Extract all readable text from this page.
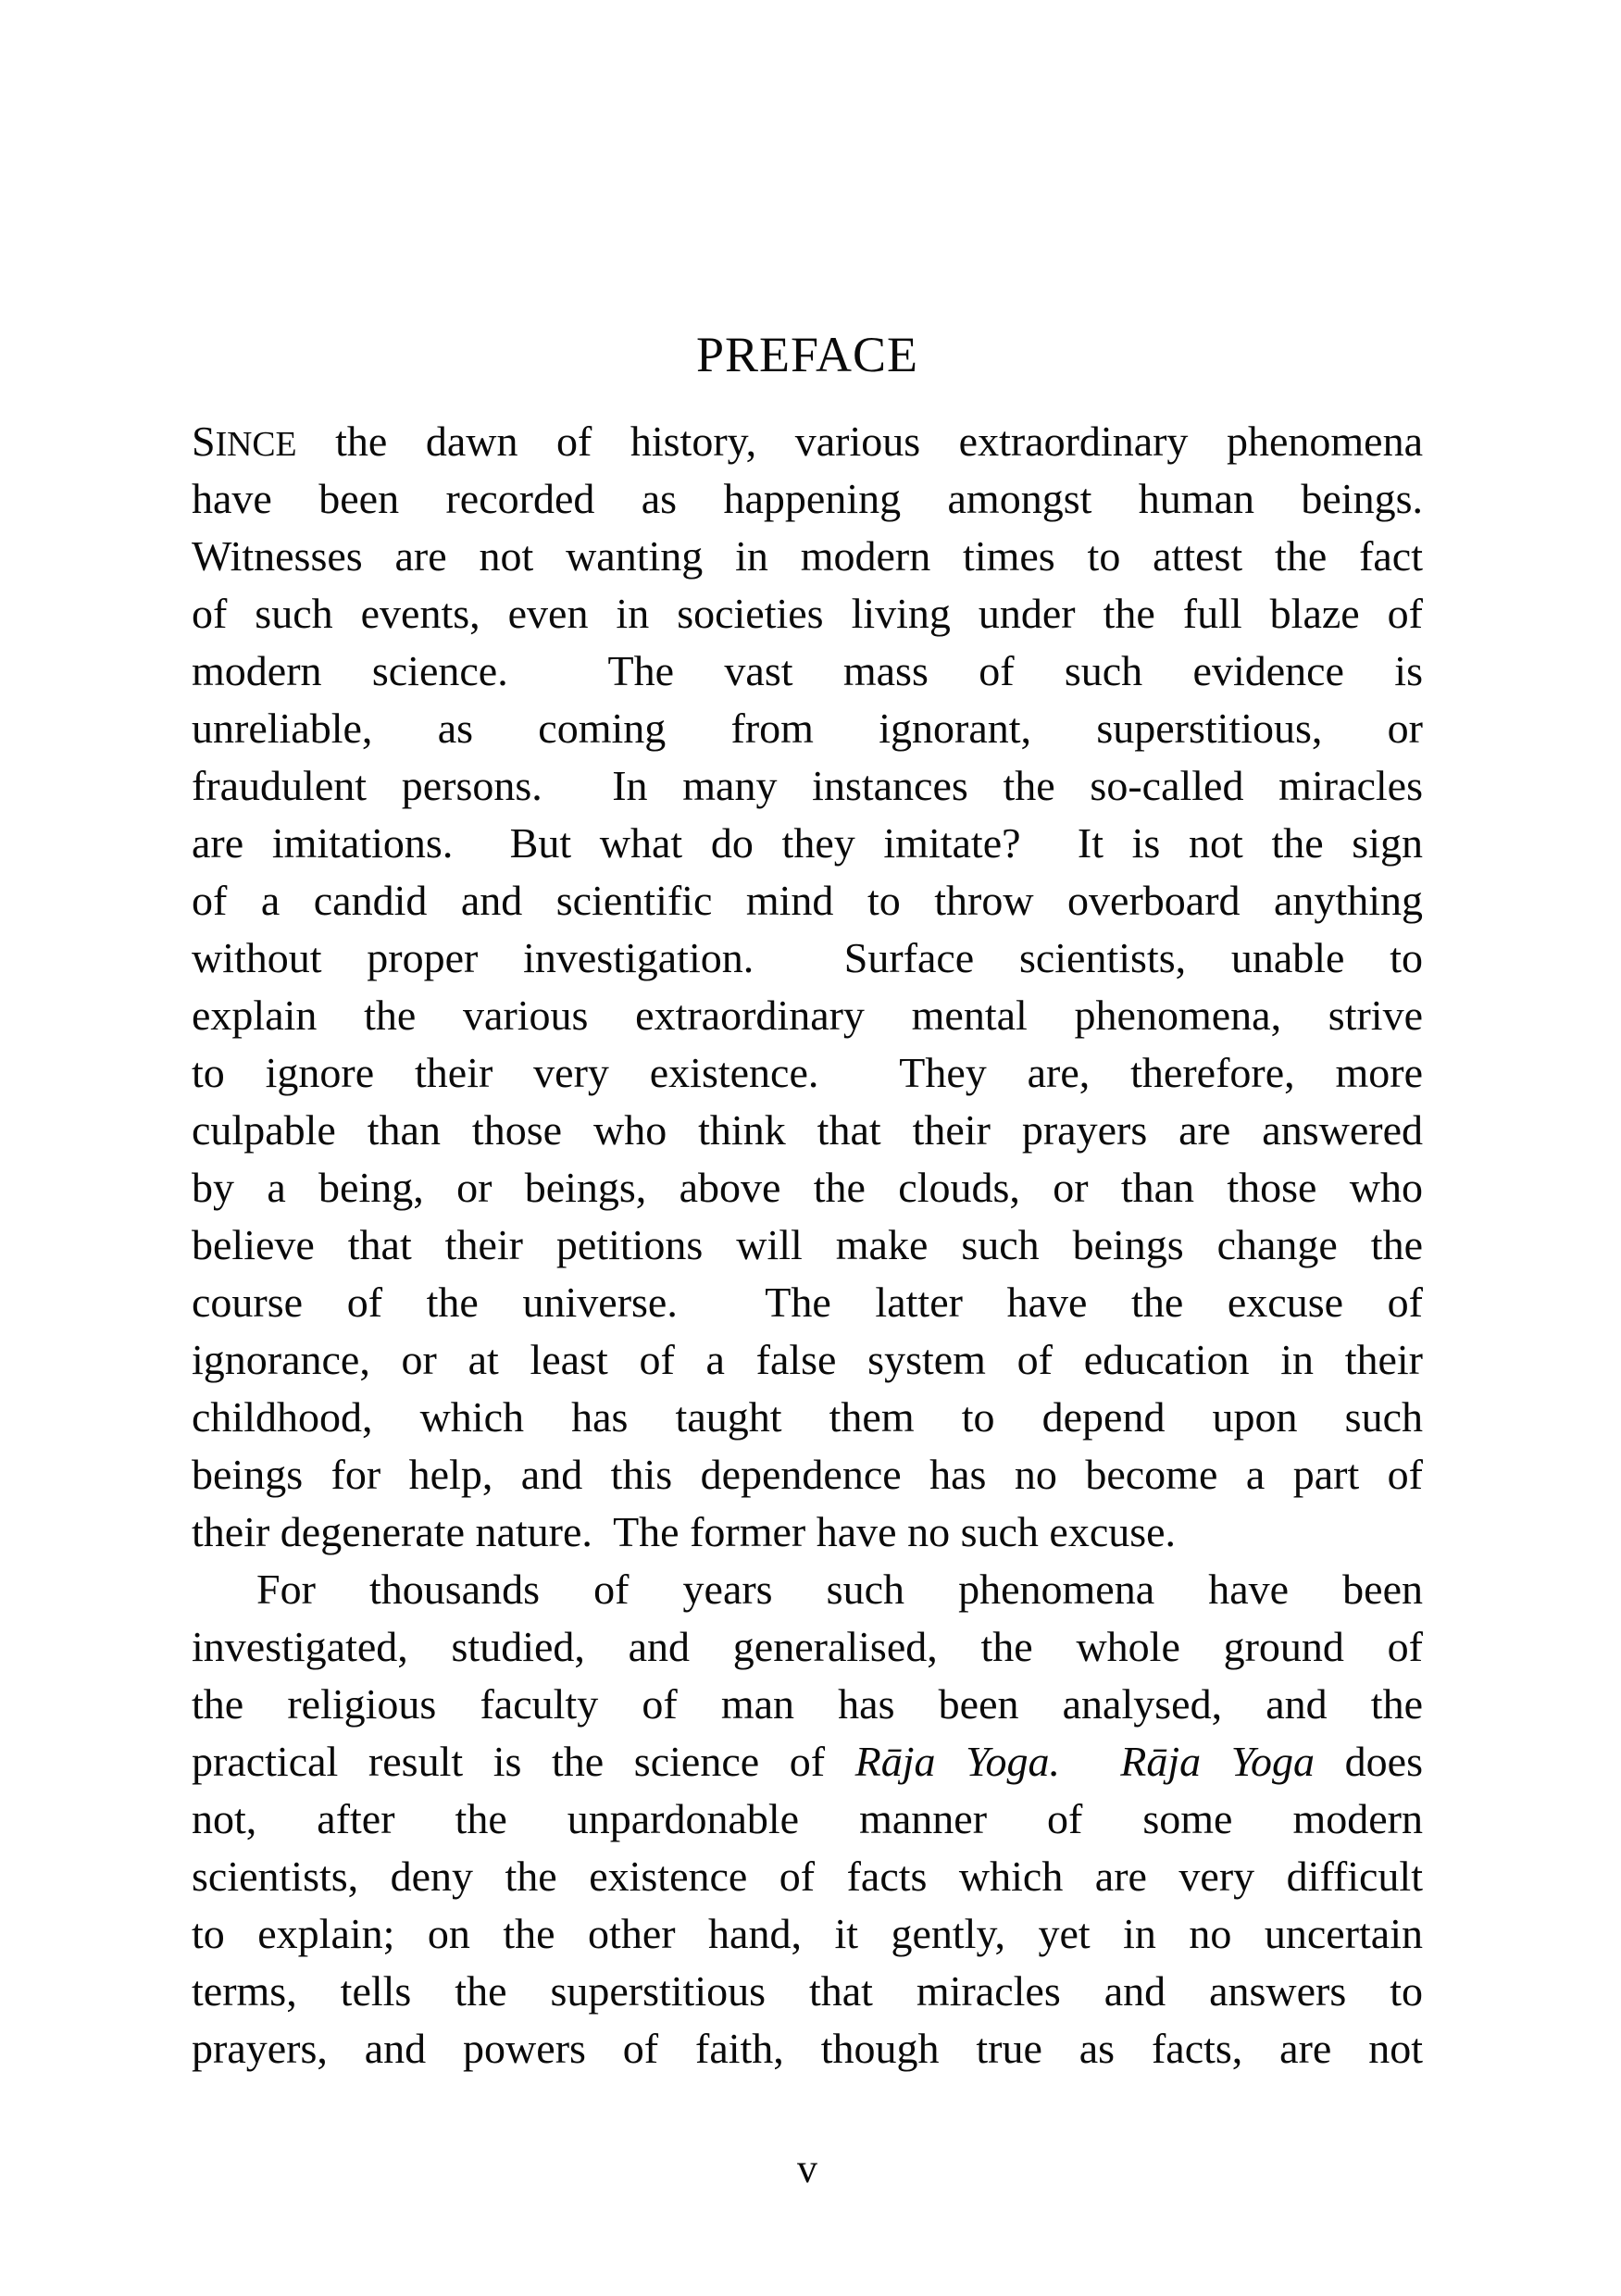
PREFACE
SINCE the dawn of history, various extraordinary phenomena
have been recorded as happening amongst human beings.
Witnesses are not wanting in modern times to attest the fact
of such events, even in societies living under the full blaze of
modern science.  The vast mass of such evidence is
unreliable, as coming from ignorant, superstitious, or
fraudulent persons.  In many instances the so-called miracles
are imitations.  But what do they imitate?  It is not the sign
of a candid and scientific mind to throw overboard anything
without proper investigation.  Surface scientists, unable to
explain the various extraordinary mental phenomena, strive
to ignore their very existence.  They are, therefore, more
culpable than those who think that their prayers are answered
by a being, or beings, above the clouds, or than those who
believe that their petitions will make such beings change the
course of the universe.  The latter have the excuse of
ignorance, or at least of a false system of education in their
childhood, which has taught them to depend upon such
beings for help, and this dependence has no become a part of
their degenerate nature.  The former have no such excuse.
For thousands of years such phenomena have been
investigated, studied, and generalised, the whole ground of
the religious faculty of man has been analysed, and the
practical result is the science of Rāja Yoga. Rāja Yoga does
not, after the unpardonable manner of some modern
scientists, deny the existence of facts which are very difficult
to explain; on the other hand, it gently, yet in no uncertain
terms, tells the superstitious that miracles and answers to
prayers, and powers of faith, though true as facts, are not
v
